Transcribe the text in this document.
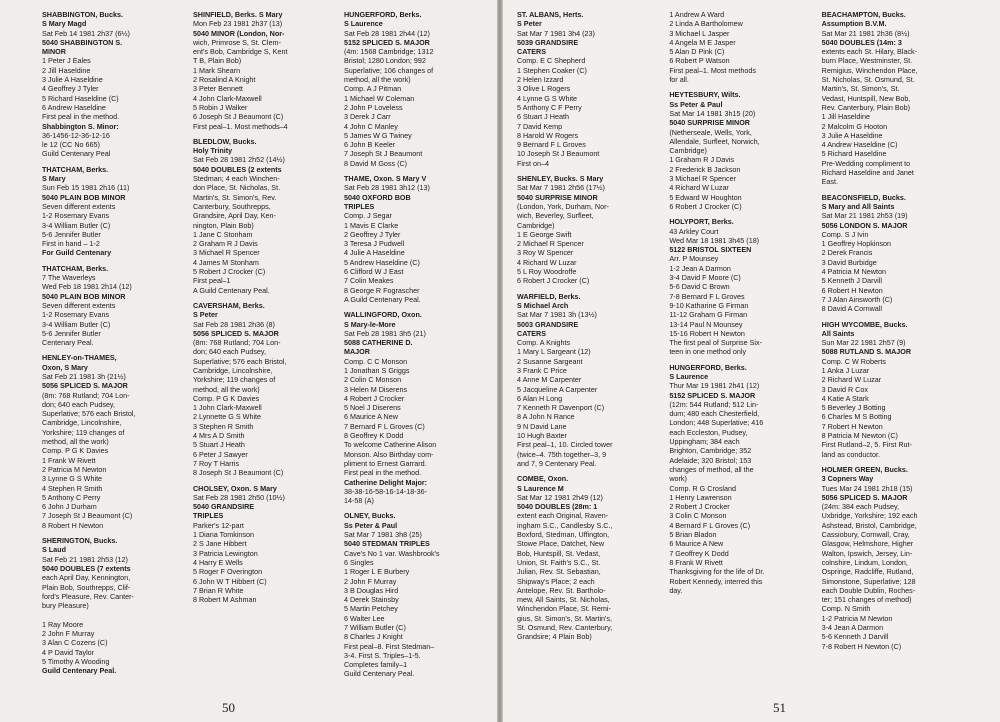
SHABBINGTON, Bucks.
S Mary Magd
Sat Feb 14 1981 2h37 (6½)
5040 SHABBINGTON S.
MINOR
1 Peter J Eales
2 Jill Haseldine
3 Julie A Haseldine
4 Geoffrey J Tyler
5 Richard Haseldine (C)
6 Andrew Haseldine
First peal in the method.
Shabbington S. Minor:
36-1456-12-36-12-16
le 12 (CC No 665)
Guild Centenary Peal
THATCHAM, Berks.
S Mary
Sun Feb 15 1981 2h16 (11)
5040 PLAIN BOB MINOR
Seven different extents
1-2 Rosemary Evans
3-4 William Butler (C)
5-6 Jennifer Butler
First in hand – 1-2
For Guild Centenary
THATCHAM, Berks.
7 The Waverleys
Wed Feb 18 1981 2h14 (12)
5040 PLAIN BOB MINOR
Seven different extents
1-2 Rosemary Evans
3-4 William Butler (C)
5-6 Jennifer Butler
Centenary Peal.
HENLEY-on-THAMES,
Oxon, S Mary
Sat Feb 21 1981 3h (21½)
5056 SPLICED S. MAJOR
(8m: 768 Rutland; 704 Lon-
don; 640 each Pudsey,
Superlative; 576 each Bristol,
Cambridge, Lincolnshire,
Yorkshire; 119 changes of
method, all the work)
Comp. P G K Davies
1 Frank W Rivett
2 Patricia M Newton
3 Lynne G S White
4 Stephen R Smith
5 Anthony C Perry
6 John J Durham
7 Joseph St J Beaumont (C)
8 Robert H Newton
SHERINGTON, Bucks.
S Laud
Sat Feb 21 1981 2h53 (12)
5040 DOUBLES (7 extents
each April Day, Kennington,
Plain Bob, Southrepps, Clif-
ford's Pleasure, Rev. Canter-
bury Pleasure)

1 Ray Moore
2 John F Murray
3 Alan C Cozens (C)
4 P David Taylor
5 Timothy A Wooding
Guild Centenary Peal.
SHINFIELD, Berks. S Mary
Mon Feb 23 1981 2h37 (13)
5040 MINOR (London, Nor-
wich, Primrose S, St. Clem-
ent's Bob, Cambridge S, Kent
T B, Plain Bob)
1 Mark Shearn
2 Rosalind A Knight
3 Peter Bennett
4 John Clark-Maxwell
5 Robin J Walker
6 Joseph St J Beaumont (C)
First peal–1. Most methods–4
BLEDLOW, Bucks.
Holy Trinity
Sat Feb 28 1981 2h52 (14½)
5040 DOUBLES (2 extents
Stedman; 4 each Winchen-
don Place, St. Nicholas, St.
Martin's, St. Simon's, Rev.
Canterbury, Southrepps,
Grandsire, April Day, Ken-
nington, Plain Bob)
1 Jane C Stonham
2 Graham R J Davis
3 Michael R Spencer
4 James M Stonham
5 Robert J Crocker (C)
First peal–1
A Guild Centenary Peal.
CAVERSHAM, Berks.
S Peter
Sat Feb 28 1981 2h36 (8)
5056 SPLICED S. MAJOR
(8m: 768 Rutland; 704 Lon-
don; 640 each Pudsey,
Superlative; 576 each Bristol,
Cambridge, Lincolnshire,
Yorkshire; 119 changes of
method, all the work)
Comp. P G K Davies
1 John Clark-Maxwell
2 Lynnette G S White
3 Stephen R Smith
4 Mrs A D Smith
5 Stuart J Heath
6 Peter J Sawyer
7 Roy T Harris
8 Joseph St J Beaumont (C)
CHOLSEY, Oxon. S Mary
Sat Feb 28 1981 2h50 (10½)
5040 GRANDSIRE
TRIPLES
Parker's 12-part
1 Diana Tomkinson
2 S Jane Hibbert
3 Patricia Lewington
4 Harry E Wells
5 Roger F Overington
6 John W T Hibbert (C)
7 Brian R White
8 Robert M Ashman
HUNGERFORD, Berks.
S Laurence
Sat Feb 28 1981 2h44 (12)
5152 SPLICED S. MAJOR
(4m: 1568 Cambridge; 1312
Bristol; 1280 London; 992
Superlative; 106 changes of
method, all the work)
Comp. A J Pitman
1 Michael W Coleman
2 John P Loveless
3 Derek J Carr
4 John C Manley
5 James W G Twiney
6 John B Keeler
7 Joseph St J Beaumont
8 David M Goss (C)
THAME, Oxon. S Mary V
Sat Feb 28 1981 3h12 (13)
5040 OXFORD BOB
TRIPLES
Comp. J Segar
1 Mavis E Clarke
2 Geoffrey J Tyler
3 Teresa J Pudwell
4 Julie A Haseldine
5 Andrew Haseldine (C)
6 Clifford W J East
7 Colin Meakes
8 George R Fograscher
A Guild Centenary Peal.
WALLINGFORD, Oxon.
S Mary-le-More
Sat Feb 28 1981 3h5 (21)
5088 CATHERINE D.
MAJOR
Comp. C C Monson
1 Jonathan S Griggs
2 Colin C Monson
3 Helen M Diserens
4 Robert J Crocker
5 Noel J Diserens
6 Maurice A New
7 Bernard F L Groves (C)
8 Geoffrey K Dodd
To welcome Catherine Alison
Monson. Also Birthday com-
pliment to Ernest Garrard.
First peal in the method.
Catherine Delight Major:
38-38-16-58-16-14-18-36-
14-58 (A)
OLNEY, Bucks.
Ss Peter & Paul
Sat Mar 7 1981 3h8 (25)
5040 STEDMAN TRIPLES
Cave's No 1 var. Washbrook's
6 Singles
1 Roger L E Burbery
2 John F Murray
3 B Douglas Hird
4 Derek Stainsby
5 Martin Petchey
6 Walter Lee
7 William Butler (C)
8 Charles J Knight
First peal–8. First Stedman–
3-4. First S. Triples–1-5.
Completes family–1
Guild Centenary Peal.
50
ST. ALBANS, Herts.
S Peter
Sat Mar 7 1981 3h4 (23)
5039 GRANDSIRE
CATERS
Comp. E C Shepherd
1 Stephen Coaker (C)
2 Helen Izzard
3 Olive L Rogers
4 Lynne G S White
5 Anthony C F Perry
6 Stuart J Heath
7 David Kemp
8 Harold W Rogers
9 Bernard F L Groves
10 Joseph St J Beaumont
First on–4
SHENLEY, Bucks. S Mary
Sat Mar 7 1981 2h56 (17½)
5040 SURPRISE MINOR
(London, York, Durham, Nor-
wich, Beverley, Surfleet,
Cambridge)
1 E George Swift
2 Michael R Spencer
3 Roy W Spencer
4 Richard W Luzar
5 L Roy Woodroffe
6 Robert J Crocker (C)
WARFIELD, Berks.
S Michael Arch
Sat Mar 7 1981 3h (13½)
5003 GRANDSIRE
CATERS
Comp. A Knights
1 Mary L Sargeant (12)
2 Susanne Sargeant
3 Frank C Price
4 Anne M Carpenter
5 Jacqueline A Carpenter
6 Alan H Long
7 Kenneth R Davenport (C)
8 A John N Rance
9 N David Lane
10 Hugh Baxter
First peal–1, 10. Circled tower
(twice–4. 75th together–3, 9
and 7, 9 Centenary Peal.
COMBE, Oxon.
S Laurence M
Sat Mar 12 1981 2h49 (12)
5040 DOUBLES (28m: 1
extent each Original, Raven-
ingham S.C., Candlesby S.C.,
Boxford, Stedman, Uffington,
Stowe Place, Datchet, New
Bob, Huntspill, St. Vedast,
Union, St. Faith's S.C., St.
Julian, Rev. St. Sebastian,
Shipway's Place; 2 each
Antelope, Rev. St. Bartholo-
mew, All Saints, St. Nicholas,
Winchendon Place, St. Remi-
gius, St. Simon's, St. Martin's,
St. Osmund, Rev. Canterbury,
Grandsire; 4 Plain Bob)
1 Andrew A Ward
2 Linda A Bartholomew
3 Michael L Jasper
4 Angela M E Jasper
5 Alan D Pink (C)
6 Robert P Watson
First peal–1. Most methods
for all.
HEYTESBURY, Wilts.
Ss Peter & Paul
Sat Mar 14 1981 3h15 (20)
5040 SURPRISE MINOR
(Netherseale, Wells, York,
Allendale, Surfleet, Norwich,
Cambridge)
1 Graham R J Davis
2 Frederick B Jackson
3 Michael R Spencer
4 Richard W Luzar
5 Edward W Houghton
6 Robert J Crocker (C)
HOLYPORT, Berks.
43 Arkley Court
Wed Mar 18 1981 3h45 (18)
5122 BRISTOL SIXTEEN
Arr. P Mounsey
1-2 Jean A Darmon
3-4 David F Moore (C)
5-6 David C Brown
7-8 Bernard F L Groves
9-10 Katharine G Firman
11-12 Graham G Firman
13-14 Paul N Mounsey
15-16 Robert H Newton
The first peal of Surprise Six-
teen in one method only
HUNGERFORD, Berks.
S Laurence
Thur Mar 19 1981 2h41 (12)
5152 SPLICED S. MAJOR
(12m: 544 Rutland; 512 Lin-
dum; 480 each Chesterfield,
London; 448 Superlative; 416
each Eccleston, Pudsey,
Uppingham; 384 each
Brighton, Cambridge; 352
Adelaide; 320 Bristol; 153
changes of method, all the
work)
Comp. R G Crosland
1 Henry Lawrenson
2 Robert J Crocker
3 Colin C Monson
4 Bernard F L Groves (C)
5 Brian Bladon
6 Maurice A New
7 Geoffrey K Dodd
8 Frank W Rivett
Thanksgiving for the life of Dr.
Robert Kennedy, interred this
day.
BEACHAMPTON, Bucks.
Assumption B.V.M.
Sat Mar 21 1981 2h36 (8½)
5040 DOUBLES (14m: 3
extents each St. Hilary, Black-
burn Place, Westminster, St.
Remigius, Winchendon Place,
St. Nicholas, St. Osmund, St.
Martin's, St. Simon's, St.
Vedast, Huntspill, New Bob,
Rev. Canterbury, Plain Bob)
1 Jill Haseldine
2 Malcolm G Hooton
3 Julie A Haseldine
4 Andrew Haseldine (C)
5 Richard Haseldine
Pre-Wedding compliment to
Richard Haseldine and Janet
East.
BEACONSFIELD, Bucks.
S Mary and All Saints
Sat Mar 21 1981 2h53 (19)
5056 LONDON S. MAJOR
Comp. S J Ivin
1 Geoffrey Hopkinson
2 Derek Francis
3 David Burbidge
4 Patricia M Newton
5 Kenneth J Darvill
6 Robert H Newton
7 J Alan Ainsworth (C)
8 David A Cornwall
HIGH WYCOMBE, Bucks.
All Saints
Sun Mar 22 1981 2h57 (9)
5088 RUTLAND S. MAJOR
Comp. C W Roberts
1 Anka J Luzar
2 Richard W Luzar
3 David R Cox
4 Katie A Stark
5 Beverley J Botting
6 Charles M S Botting
7 Robert H Newton
8 Patricia M Newton (C)
First Rutland–2, 5. First Rut-
land as conductor.
HOLMER GREEN, Bucks.
3 Copners Way
Tues Mar 24 1981 2h18 (15)
5056 SPLICED S. MAJOR
(24m: 384 each Pudsey,
Uxbridge, Yorkshire; 192 each
Ashstead, Bristol, Cambridge,
Cassiobury, Cornwall, Cray,
Glasgow, Helmshore, Higher
Walton, Ipswich, Jersey, Lin-
colnshire, Lindum, London,
Ospringe, Radcliffe, Rutland,
Simonstone, Superlative; 128
each Double Dublin, Roches-
ter; 151 changes of method)
Comp. N Smith
1-2 Patricia M Newton
3-4 Jean A Darmon
5-6 Kenneth J Darvill
7-8 Robert H Newton (C)
51
